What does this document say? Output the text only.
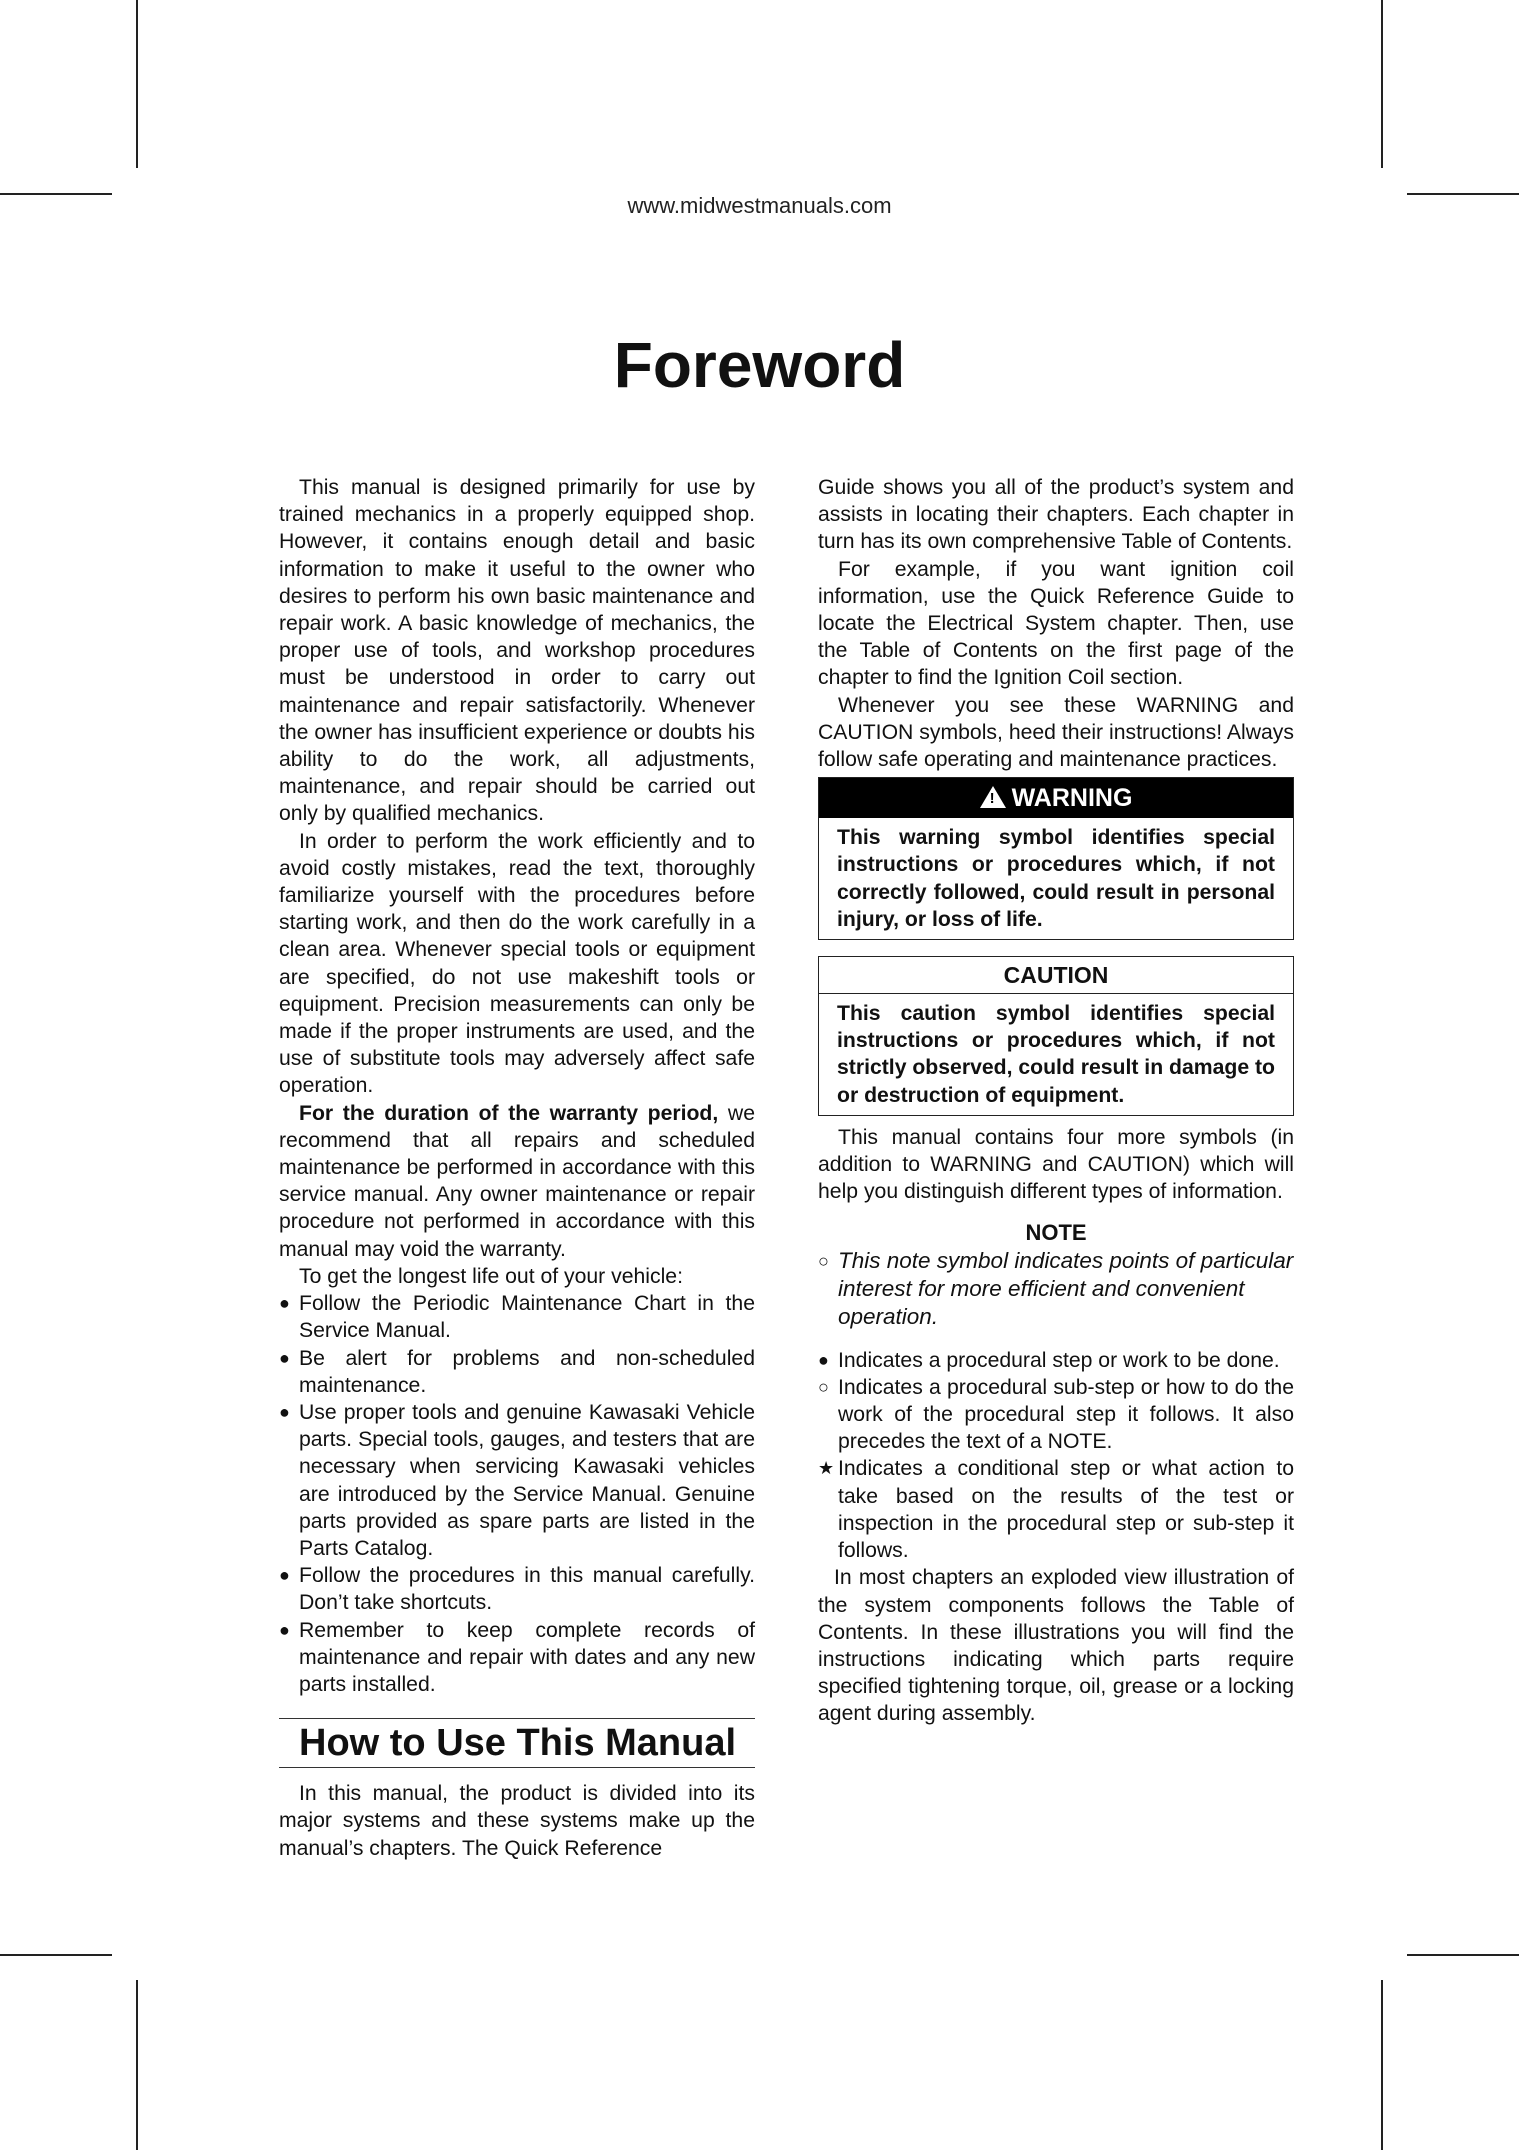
www.midwestmanuals.com
Foreword

This manual is designed primarily for use by trained mechanics in a properly equipped shop. However, it contains enough detail and basic information to make it useful to the owner who desires to perform his own basic maintenance and repair work. A basic knowledge of mechanics, the proper use of tools, and workshop procedures must be understood in order to carry out maintenance and repair satisfactorily. Whenever the owner has insufficient experience or doubts his ability to do the work, all adjustments, maintenance, and repair should be carried out only by qualified mechanics.

In order to perform the work efficiently and to avoid costly mistakes, read the text, thoroughly familiarize yourself with the procedures before starting work, and then do the work carefully in a clean area. Whenever special tools or equipment are specified, do not use makeshift tools or equipment. Precision measurements can only be made if the proper instruments are used, and the use of substitute tools may adversely affect safe operation.

For the duration of the warranty period, we recommend that all repairs and scheduled maintenance be performed in accordance with this service manual. Any owner maintenance or repair procedure not performed in accordance with this manual may void the warranty.

To get the longest life out of your vehicle:

● Follow the Periodic Maintenance Chart in the Service Manual.
● Be alert for problems and non-scheduled maintenance.
● Use proper tools and genuine Kawasaki Vehicle parts. Special tools, gauges, and testers that are necessary when servicing Kawasaki vehicles are introduced by the Service Manual. Genuine parts provided as spare parts are listed in the Parts Catalog.
● Follow the procedures in this manual carefully. Don’t take shortcuts.
● Remember to keep complete records of maintenance and repair with dates and any new parts installed.
How to Use This Manual

In this manual, the product is divided into its major systems and these systems make up the manual’s chapters. The Quick Reference

Guide shows you all of the product’s system and assists in locating their chapters. Each chapter in turn has its own comprehensive Table of Contents.

For example, if you want ignition coil information, use the Quick Reference Guide to locate the Electrical System chapter. Then, use the Table of Contents on the first page of the chapter to find the Ignition Coil section.

Whenever you see these WARNING and CAUTION symbols, heed their instructions! Always follow safe operating and maintenance practices.

!WARNING
This warning symbol identifies special instructions or procedures which, if not correctly followed, could result in personal injury, or loss of life.
CAUTION
This caution symbol identifies special instructions or procedures which, if not strictly observed, could result in damage to or destruction of equipment.

This manual contains four more symbols (in addition to WARNING and CAUTION) which will help you distinguish different types of information.

NOTE
○ This note symbol indicates points of particular interest for more efficient and convenient operation.
● Indicates a procedural step or work to be done.
○ Indicates a procedural sub-step or how to do the work of the procedural step it follows. It also precedes the text of a NOTE.
★ Indicates a conditional step or what action to take based on the results of the test or inspection in the procedural step or sub-step it follows.

In most chapters an exploded view illustration of the system components follows the Table of Contents. In these illustrations you will find the instructions indicating which parts require specified tightening torque, oil, grease or a locking agent during assembly.
